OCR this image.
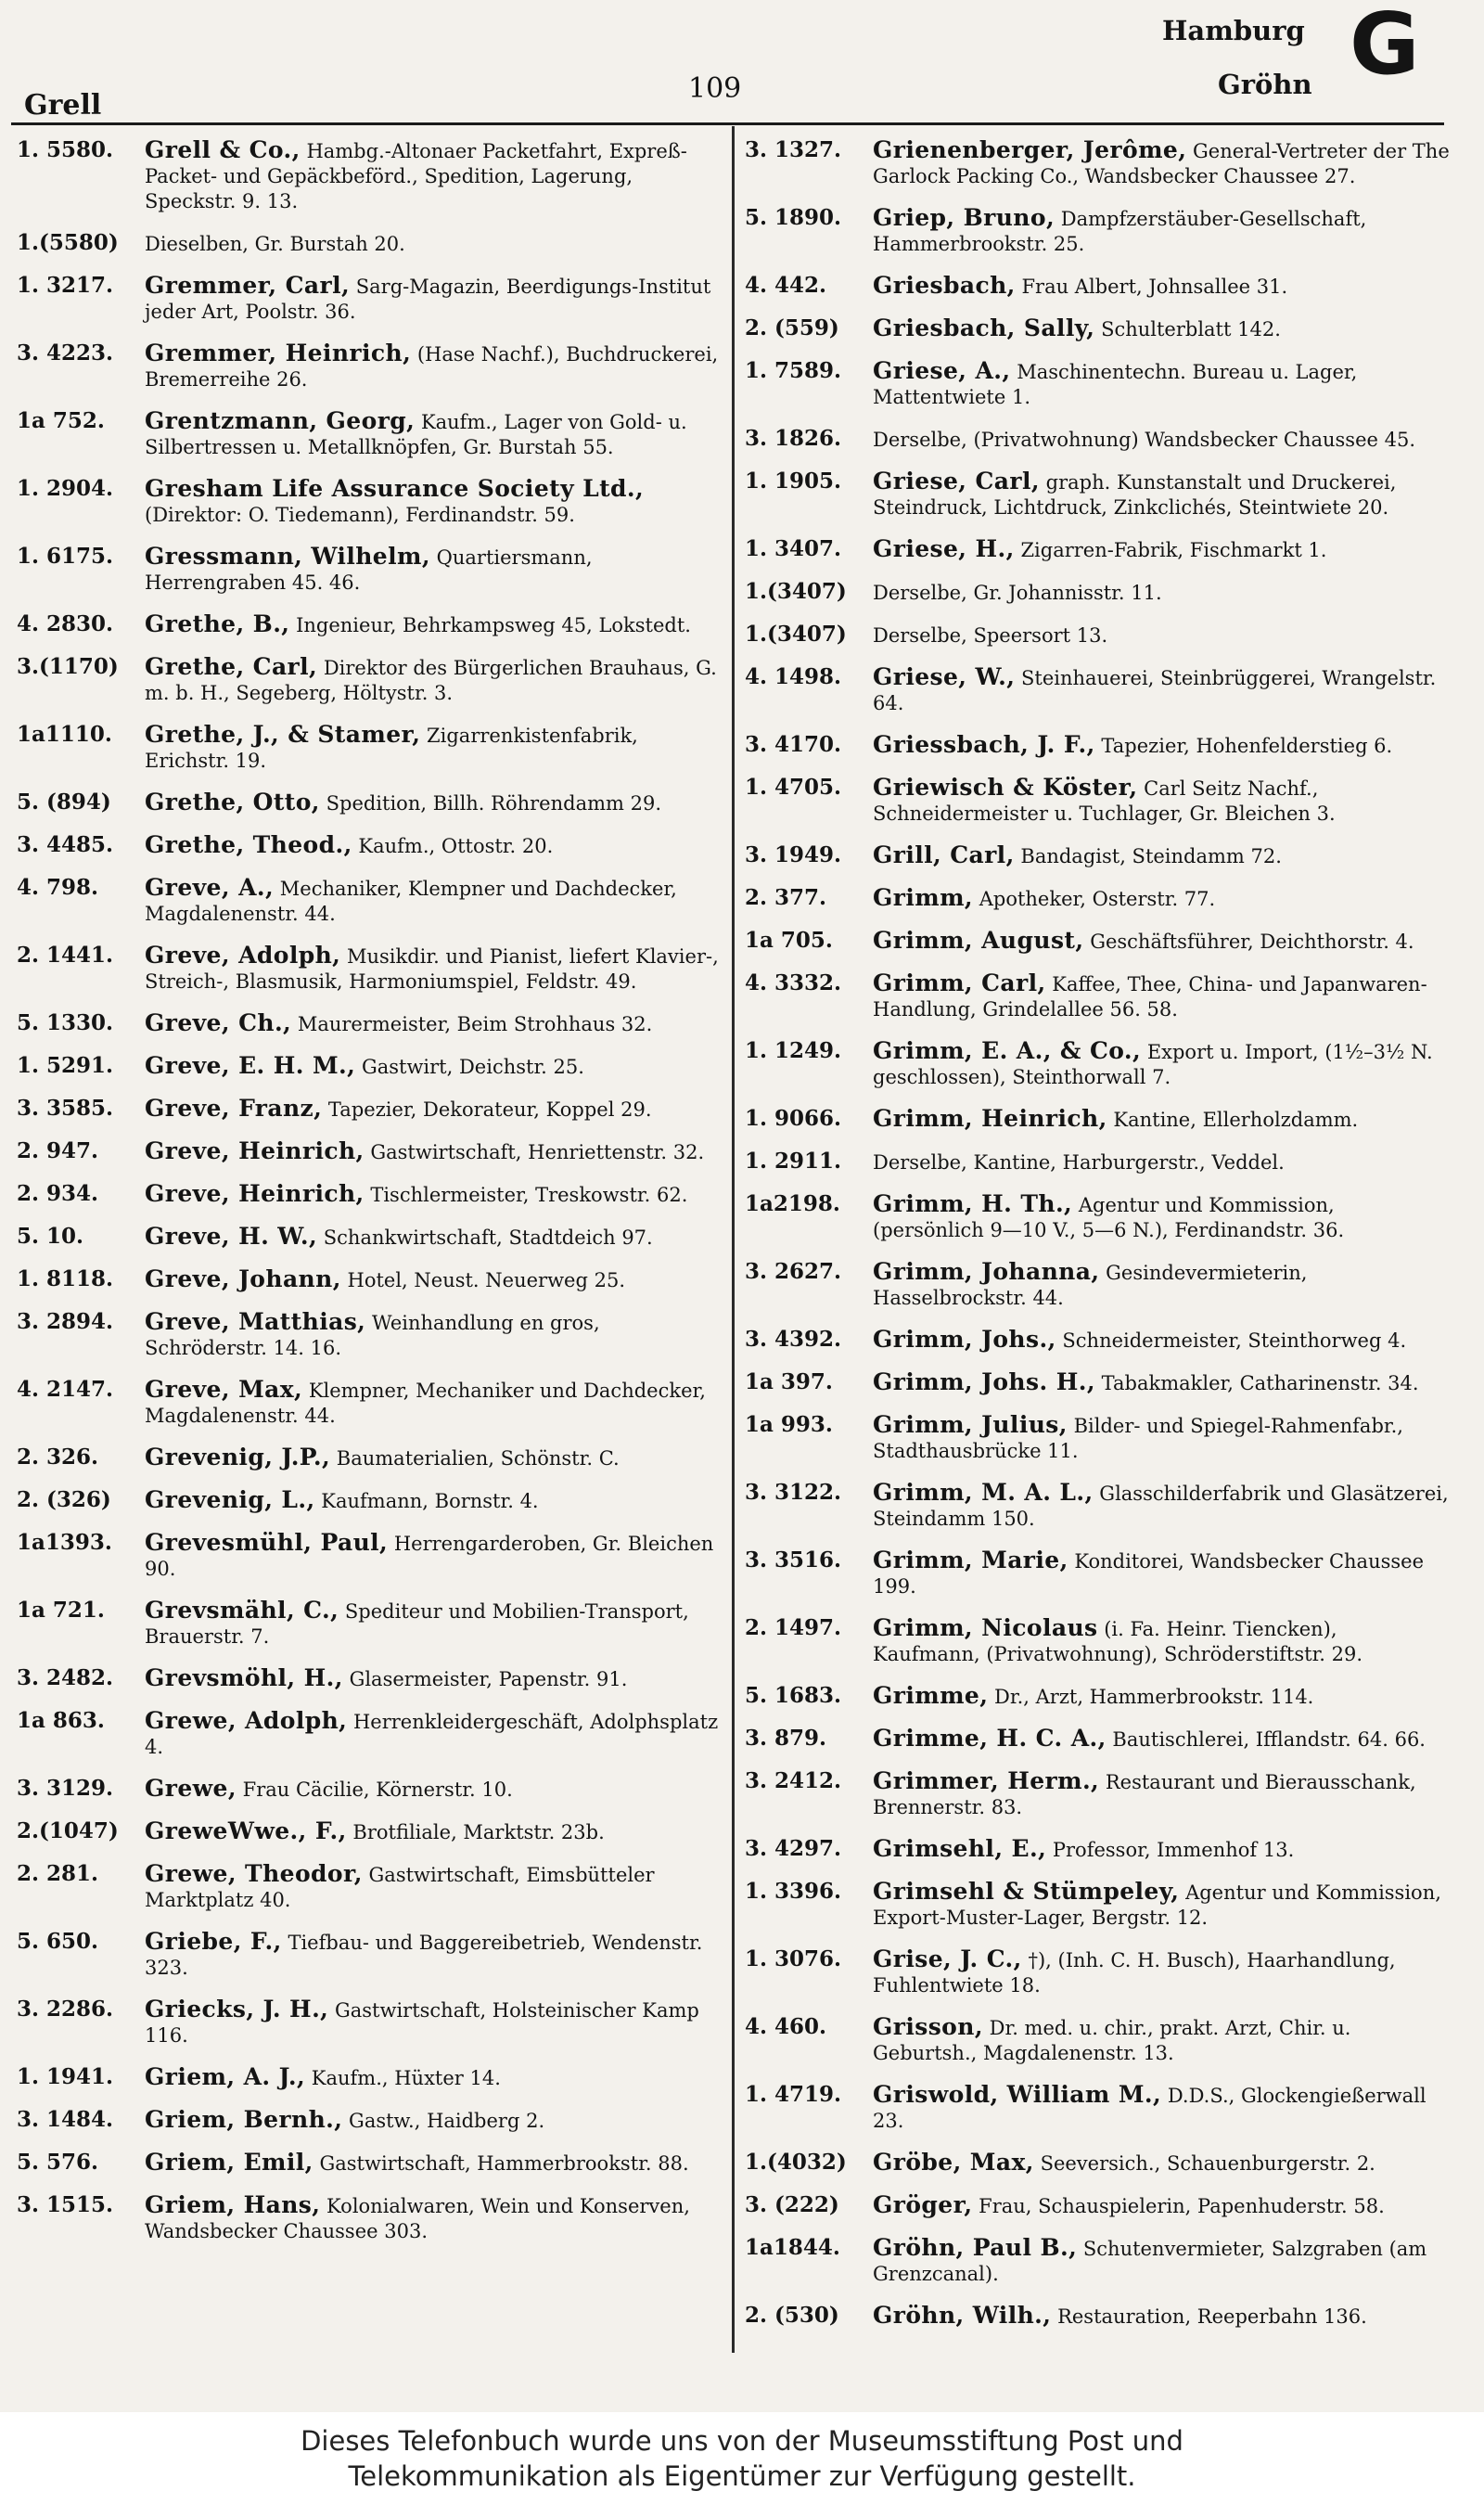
Grell
109
Hamburg
Gröhn G
1. 5580.	Grell & Co., Hambg.-Altonaer Packetfahrt, Expreß-Packet- und Gepäckbeförd., Spedition, Lagerung, Speckstr. 9. 13.
1.(5580)	Dieselben, Gr. Burstah 20.
1. 3217.	Gremmer, Carl, Sarg-Magazin, Beerdigungs-Institut jeder Art, Poolstr. 36.
3. 4223.	Gremmer, Heinrich, (Hase Nachf.), Buchdruckerei, Bremerreihe 26.
1a 752.	Grentzmann, Georg, Kaufm., Lager von Gold- u. Silbertressen u. Metallknöpfen, Gr. Burstah 55.
1. 2904.	Gresham Life Assurance Society Ltd., (Direktor: O. Tiedemann), Ferdinandstr. 59.
1. 6175.	Gressmann, Wilhelm, Quartiersmann, Herrengraben 45. 46.
4. 2830.	Grethe, B., Ingenieur, Behrkampsweg 45, Lokstedt.
3.(1170)	Grethe, Carl, Direktor des Bürgerlichen Brauhaus, G. m. b. H., Segeberg, Höltystr. 3.
1a1110.	Grethe, J., & Stamer, Zigarrenkistenfabrik, Erichstr. 19.
5. (894)	Grethe, Otto, Spedition, Billh. Röhrendamm 29.
3. 4485.	Grethe, Theod., Kaufm., Ottostr. 20.
4. 798.	Greve, A., Mechaniker, Klempner und Dachdecker, Magdalenenstr. 44.
2. 1441.	Greve, Adolph, Musikdir. und Pianist, liefert Klavier-, Streich-, Blasmusik, Harmoniumspiel, Feldstr. 49.
5. 1330.	Greve, Ch., Maurermeister, Beim Strohhaus 32.
1. 5291.	Greve, E. H. M., Gastwirt, Deichstr. 25.
3. 3585.	Greve, Franz, Tapezier, Dekorateur, Koppel 29.
2. 947.	Greve, Heinrich, Gastwirtschaft, Henriettenstr. 32.
2. 934.	Greve, Heinrich, Tischlermeister, Treskowstr. 62.
5. 10.	Greve, H. W., Schankwirtschaft, Stadtdeich 97.
1. 8118.	Greve, Johann, Hotel, Neust. Neuerweg 25.
3. 2894.	Greve, Matthias, Weinhandlung en gros, Schröderstr. 14. 16.
4. 2147.	Greve, Max, Klempner, Mechaniker und Dachdecker, Magdalenenstr. 44.
2. 326.	Grevenig, J.P., Baumaterialien, Schönstr. C.
2. (326)	Grevenig, L., Kaufmann, Bornstr. 4.
1a1393.	Grevesmühl, Paul, Herrengarderoben, Gr. Bleichen 90.
1a 721.	Grevsmähl, C., Spediteur und Mobilien-Transport, Brauerstr. 7.
3. 2482.	Grevsmöhl, H., Glasermeister, Papenstr. 91.
1a 863.	Grewe, Adolph, Herrenkleidergeschäft, Adolphsplatz 4.
3. 3129.	Grewe, Frau Cäcilie, Körnerstr. 10.
2.(1047)	GreweWwe., F., Brotfiliale, Marktstr. 23b.
2. 281.	Grewe, Theodor, Gastwirtschaft, Eimsbütteler Marktplatz 40.
5. 650.	Griebe, F., Tiefbau- und Baggereibetrieb, Wendenstr. 323.
3. 2286.	Griecks, J. H., Gastwirtschaft, Holsteinischer Kamp 116.
1. 1941.	Griem, A. J., Kaufm., Hüxter 14.
3. 1484.	Griem, Bernh., Gastw., Haidberg 2.
5. 576.	Griem, Emil, Gastwirtschaft, Hammerbrookstr. 88.
3. 1515.	Griem, Hans, Kolonialwaren, Wein und Konserven, Wandsbecker Chaussee 303.
3. 1327.	Grienenberger, Jerôme, General-Vertreter der The Garlock Packing Co., Wandsbecker Chaussee 27.
5. 1890.	Griep, Bruno, Dampfzerstäuber-Gesellschaft, Hammerbrookstr. 25.
4. 442.	Griesbach, Frau Albert, Johnsallee 31.
2. (559)	Griesbach, Sally, Schulterblatt 142.
1. 7589.	Griese, A., Maschinentechn. Bureau u. Lager, Mattentwiete 1.
3. 1826.	Derselbe, (Privatwohnung) Wandsbecker Chaussee 45.
1. 1905.	Griese, Carl, graph. Kunstanstalt und Druckerei, Steindruck, Lichtdruck, Zinkclichés, Steintwiete 20.
1. 3407.	Griese, H., Zigarren-Fabrik, Fischmarkt 1.
1.(3407)	Derselbe, Gr. Johannisstr. 11.
1.(3407)	Derselbe, Speersort 13.
4. 1498.	Griese, W., Steinhauerei, Steinbrüggerei, Wrangelstr. 64.
3. 4170.	Griessbach, J. F., Tapezier, Hohenfelderstieg 6.
1. 4705.	Griewisch & Köster, Carl Seitz Nachf., Schneidermeister u. Tuchlager, Gr. Bleichen 3.
3. 1949.	Grill, Carl, Bandagist, Steindamm 72.
2. 377.	Grimm, Apotheker, Osterstr. 77.
1a 705.	Grimm, August, Geschäftsführer, Deichthorstr. 4.
4. 3332.	Grimm, Carl, Kaffee, Thee, China- und Japanwaren-Handlung, Grindelallee 56. 58.
1. 1249.	Grimm, E. A., & Co., Export u. Import, (1½–3½ N. geschlossen), Steinthorwall 7.
1. 9066.	Grimm, Heinrich, Kantine, Ellerholzdamm.
1. 2911.	Derselbe, Kantine, Harburgerstr., Veddel.
1a2198.	Grimm, H. Th., Agentur und Kommission, (persönlich 9—10 V., 5—6 N.), Ferdinandstr. 36.
3. 2627.	Grimm, Johanna, Gesindevermieterin, Hasselbrockstr. 44.
3. 4392.	Grimm, Johs., Schneidermeister, Steinthorweg 4.
1a 397.	Grimm, Johs. H., Tabakmakler, Catharinenstr. 34.
1a 993.	Grimm, Julius, Bilder- und Spiegel-Rahmenfabr., Stadthausbrücke 11.
3. 3122.	Grimm, M. A. L., Glasschilderfabrik und Glasätzerei, Steindamm 150.
3. 3516.	Grimm, Marie, Konditorei, Wandsbecker Chaussee 199.
2. 1497.	Grimm, Nicolaus (i. Fa. Heinr. Tiencken), Kaufmann, (Privatwohnung), Schröderstiftstr. 29.
5. 1683.	Grimme, Dr., Arzt, Hammerbrookstr. 114.
3. 879.	Grimme, H. C. A., Bautischlerei, Ifflandstr. 64. 66.
3. 2412.	Grimmer, Herm., Restaurant und Bierausschank, Brennerstr. 83.
3. 4297.	Grimsehl, E., Professor, Immenhof 13.
1. 3396.	Grimsehl & Stümpeley, Agentur und Kommission, Export-Muster-Lager, Bergstr. 12.
1. 3076.	Grise, J. C., †), (Inh. C. H. Busch), Haarhandlung, Fuhlentwiete 18.
4. 460.	Grisson, Dr. med. u. chir., prakt. Arzt, Chir. u. Geburtsh., Magdalenenstr. 13.
1. 4719.	Griswold, William M., D.D.S., Glockengießerwall 23.
1.(4032)	Gröbe, Max, Seeversich., Schauenburgerstr. 2.
3. (222)	Gröger, Frau, Schauspielerin, Papenhuderstr. 58.
1a1844.	Gröhn, Paul B., Schutenvermieter, Salzgraben (am Grenzcanal).
2. (530)	Gröhn, Wilh., Restauration, Reeperbahn 136.
Dieses Telefonbuch wurde uns von der Museumsstiftung Post und
Telekommunikation als Eigentümer zur Verfügung gestellt.
